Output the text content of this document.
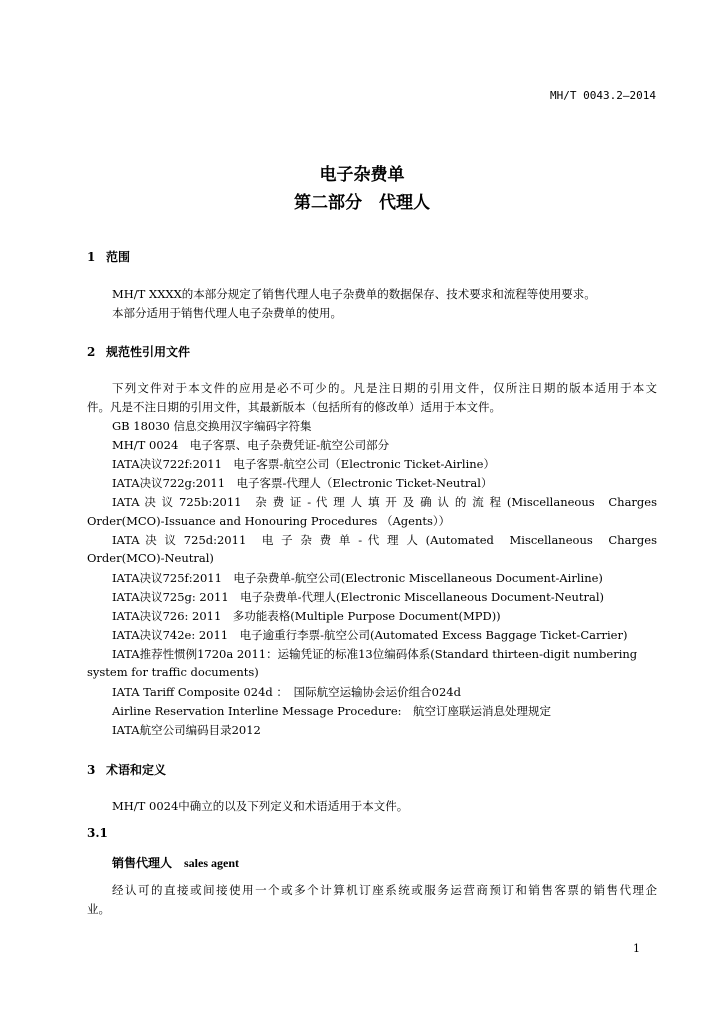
MH/T 0043.2—2014
电子杂费单
第二部分　代理人
1 范围
MH/T XXXX的本部分规定了销售代理人电子杂费单的数据保存、技术要求和流程等使用要求。
本部分适用于销售代理人电子杂费单的使用。
2 规范性引用文件
下列文件对于本文件的应用是必不可少的。凡是注日期的引用文件，仅所注日期的版本适用于本文
件。凡是不注日期的引用文件，其最新版本（包括所有的修改单）适用于本文件。
GB 18030 信息交换用汉字编码字符集
MH/T 0024　电子客票、电子杂费凭证-航空公司部分
IATA决议722f:2011　电子客票-航空公司（Electronic Ticket-Airline）
IATA决议722g:2011　电子客票-代理人（Electronic Ticket-Neutral）
IATA 决 议 725b:2011　杂 费 证 - 代 理 人 填 开 及 确 认 的 流 程 (Miscellaneous　Charges
Order(MCO)-Issuance and Honouring Procedures （Agents））
IATA 决 议 725d:2011　电 子 杂 费 单 - 代 理 人 (Automated　Miscellaneous　Charges
Order(MCO)-Neutral)
IATA决议725f:2011　电子杂费单-航空公司(Electronic Miscellaneous Document-Airline)
IATA决议725g: 2011　电子杂费单-代理人(Electronic Miscellaneous Document-Neutral)
IATA决议726: 2011　多功能表格(Multiple Purpose Document(MPD))
IATA决议742e: 2011　电子逾重行李票-航空公司(Automated Excess Baggage Ticket-Carrier)
IATA推荐性惯例1720a 2011：运输凭证的标准13位编码体系(Standard thirteen-digit numbering
system for traffic documents)
IATA Tariff Composite 024d ：　国际航空运输协会运价组合024d
Airline Reservation Interline Message Procedure:　航空订座联运消息处理规定
IATA航空公司编码目录2012
3 术语和定义
MH/T 0024中确立的以及下列定义和术语适用于本文件。
3.1
销售代理人 sales agent
经认可的直接或间接使用一个或多个计算机订座系统或服务运营商预订和销售客票的销售代理企
业。
1
